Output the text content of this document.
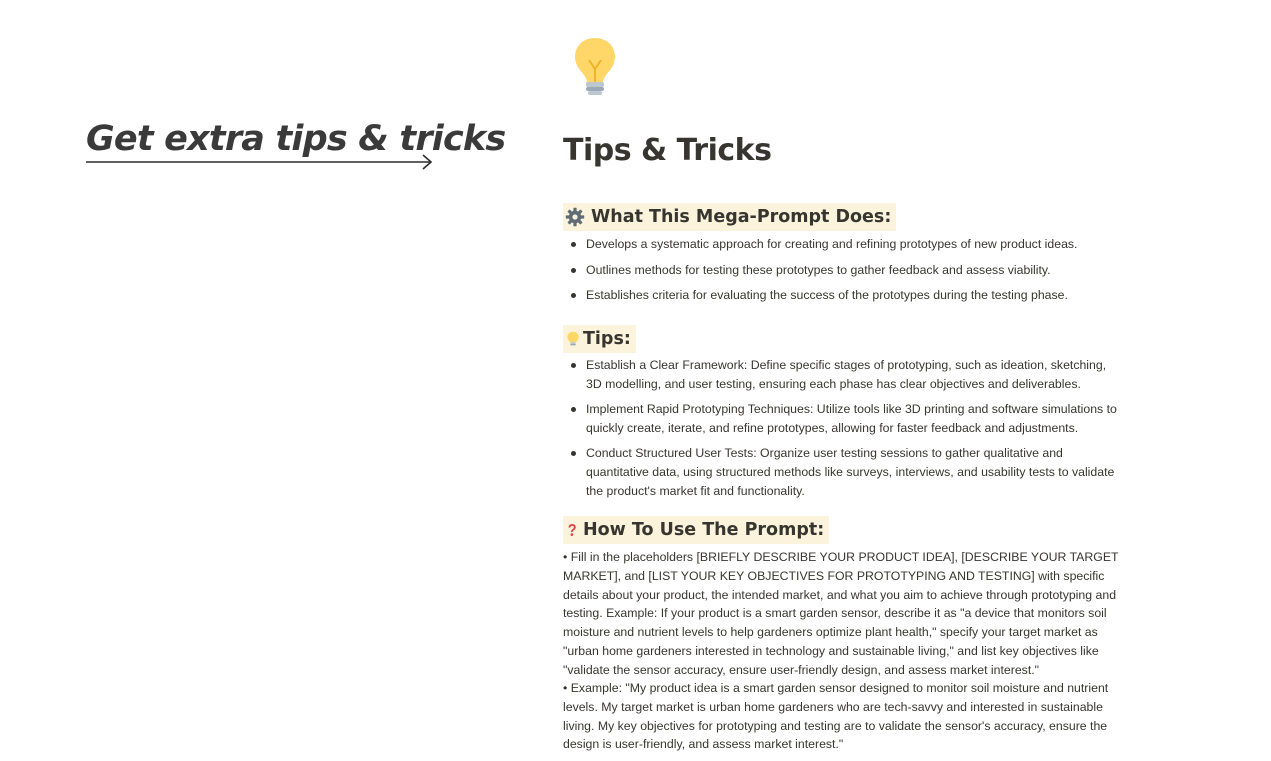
Get extra tips & tricks Tips & Tricks
What This Mega-Prompt Does:
Develops a systematic approach for creating and refining prototypes of new product ideas.
Outlines methods for testing these prototypes to gather feedback and assess viability.
Establishes criteria for evaluating the success of the prototypes during the testing phase.
Tips:
Establish a Clear Framework: Define specific stages of prototyping, such as ideation, sketching, 3D modelling, and user testing, ensuring each phase has clear objectives and deliverables.
Implement Rapid Prototyping Techniques: Utilize tools like 3D printing and software simulations to quickly create, iterate, and refine prototypes, allowing for faster feedback and adjustments.
Conduct Structured User Tests: Organize user testing sessions to gather qualitative and quantitative data, using structured methods like surveys, interviews, and usability tests to validate the product's market fit and functionality.
How To Use The Prompt:

• Fill in the placeholders [BRIEFLY DESCRIBE YOUR PRODUCT IDEA], [DESCRIBE YOUR TARGET MARKET], and [LIST YOUR KEY OBJECTIVES FOR PROTOTYPING AND TESTING] with specific details about your product, the intended market, and what you aim to achieve through prototyping and testing. Example: If your product is a smart garden sensor, describe it as "a device that monitors soil moisture and nutrient levels to help gardeners optimize plant health," specify your target market as "urban home gardeners interested in technology and sustainable living," and list key objectives like "validate the sensor accuracy, ensure user-friendly design, and assess market interest."

• Example: "My product idea is a smart garden sensor designed to monitor soil moisture and nutrient levels. My target market is urban home gardeners who are tech-savvy and interested in sustainable living. My key objectives for prototyping and testing are to validate the sensor's accuracy, ensure the design is user-friendly, and assess market interest."
